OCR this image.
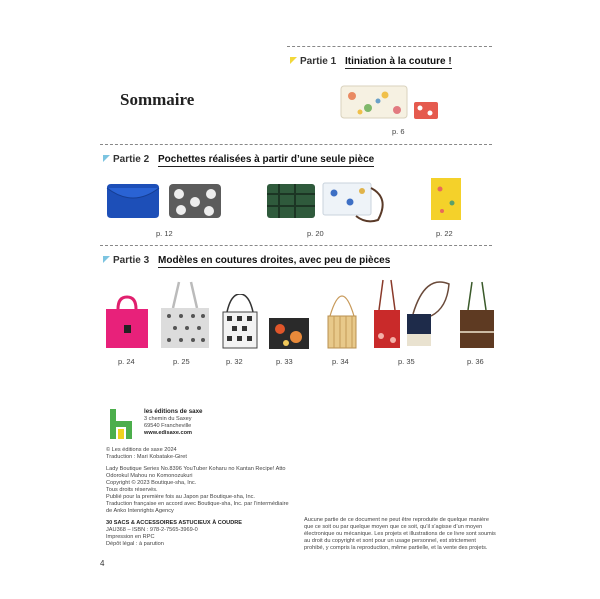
Partie 1 Itiniation à la couture !
Sommaire
p. 6
Partie 2 Pochettes réalisées à partir d’une seule pièce
p. 12	p. 20	p. 22
Partie 3 Modèles en coutures droites, avec peu de pièces
p. 24	p. 25	p. 32	p. 33	p. 34	p. 35	p. 36
les éditions de saxe
3 chemin du Saxey
69540 Francheville
www.edisaxe.com
© Les éditions de saxe 2024
Traduction : Mari Kobatake-Giret
Lady Boutique Series No.8396 YouTuber Koharu no Kantan Recipe! Atto
Odorokul Mahou no Komonozukuri
Copyright © 2023 Boutique-sha, Inc.
Tous droits réservés.
Publié pour la première fois au Japon par Boutique-sha, Inc.
Traduction française en accord avec Boutique-sha, Inc. par l’intermédiaire
de Anko Intenrights Agency
30 SACS & ACCESSOIRES ASTUCIEUX À COUDRE
JAU368 – ISBN : 978-2-7565-3969-0
Impression en RPC
Dépôt légal : à parution
Aucune partie de ce document ne peut être reproduite de quelque manière
que ce soit ou par quelque moyen que ce soit, qu’il s’agisse d’un moyen
électronique ou mécanique. Les projets et illustrations de ce livre sont soumis
au droit du copyright et sont pour un usage personnel, est strictement
prohibé, y compris la reproduction, même partielle, et la vente des projets.
4
